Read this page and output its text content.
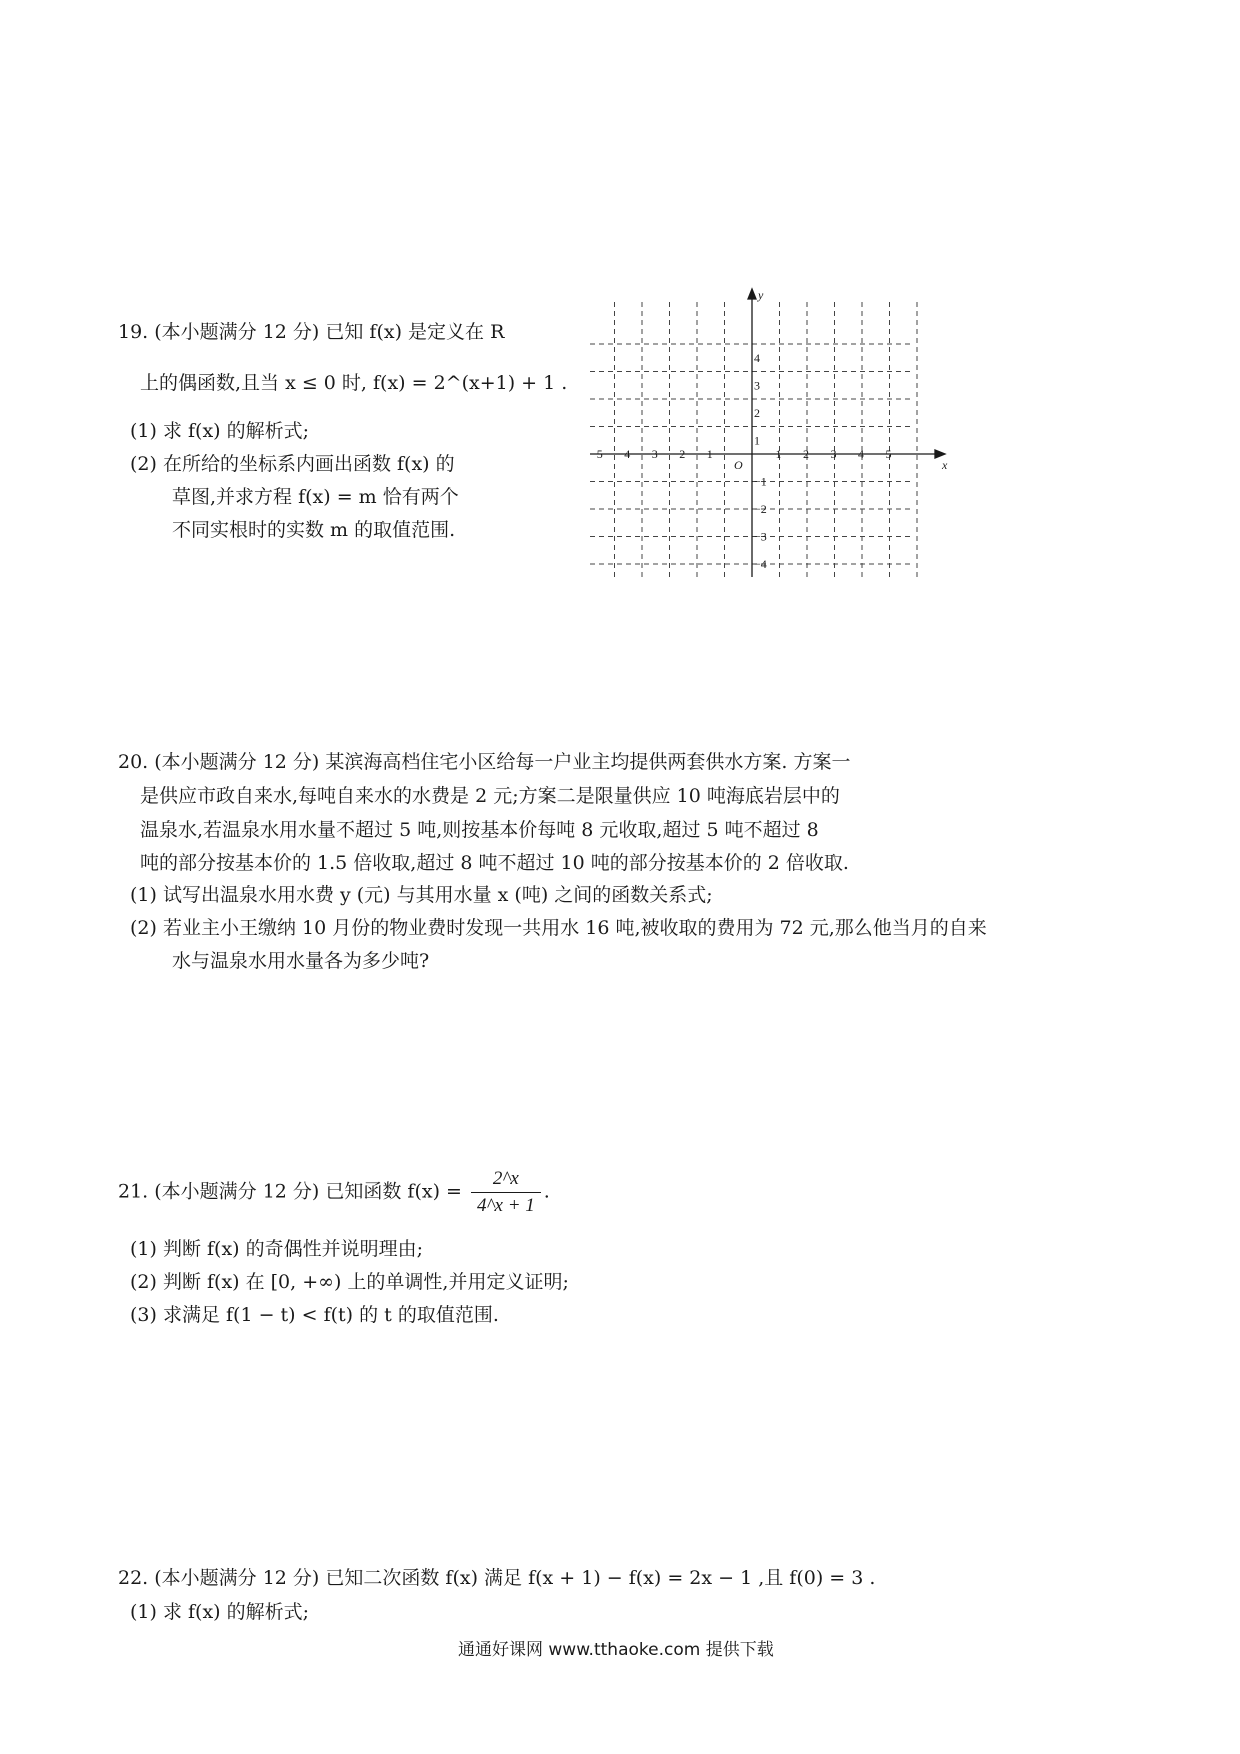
19. (本小题满分 12 分) 已知 f(x) 是定义在 R
上的偶函数,且当 x ≤ 0 时, f(x) = 2^(x+1) + 1 .
(1) 求 f(x) 的解析式;
(2) 在所给的坐标系内画出函数 f(x) 的
草图,并求方程 f(x) = m 恰有两个
不同实根时的实数 m 的取值范围.
x
y
O
−5 −4 −3 −2 −1	1 2 3 4 5
4
3
2
1
−1
−2
−3
−4
20. (本小题满分 12 分) 某滨海高档住宅小区给每一户业主均提供两套供水方案. 方案一
是供应市政自来水,每吨自来水的水费是 2 元;方案二是限量供应 10 吨海底岩层中的
温泉水,若温泉水用水量不超过 5 吨,则按基本价每吨 8 元收取,超过 5 吨不超过 8
吨的部分按基本价的 1.5 倍收取,超过 8 吨不超过 10 吨的部分按基本价的 2 倍收取.
(1) 试写出温泉水用水费 y (元) 与其用水量 x (吨) 之间的函数关系式;
(2) 若业主小王缴纳 10 月份的物业费时发现一共用水 16 吨,被收取的费用为 72 元,那么他当月的自来
水与温泉水用水量各为多少吨?
21. (本小题满分 12 分) 已知函数 $f(x) = \frac{2\^{}x}{4\^{}x + 1}$ .
(1) 判断 f(x) 的奇偶性并说明理由;
(2) 判断 f(x) 在 [0, +∞) 上的单调性,并用定义证明;
(3) 求满足 f(1 − t) < f(t) 的 t 的取值范围.
22. (本小题满分 12 分) 已知二次函数 f(x) 满足 f(x + 1) − f(x) = 2x − 1 ,且 f(0) = 3 .
(1) 求 f(x) 的解析式;
通通好课网 www.tthaoke.com 提供下载
